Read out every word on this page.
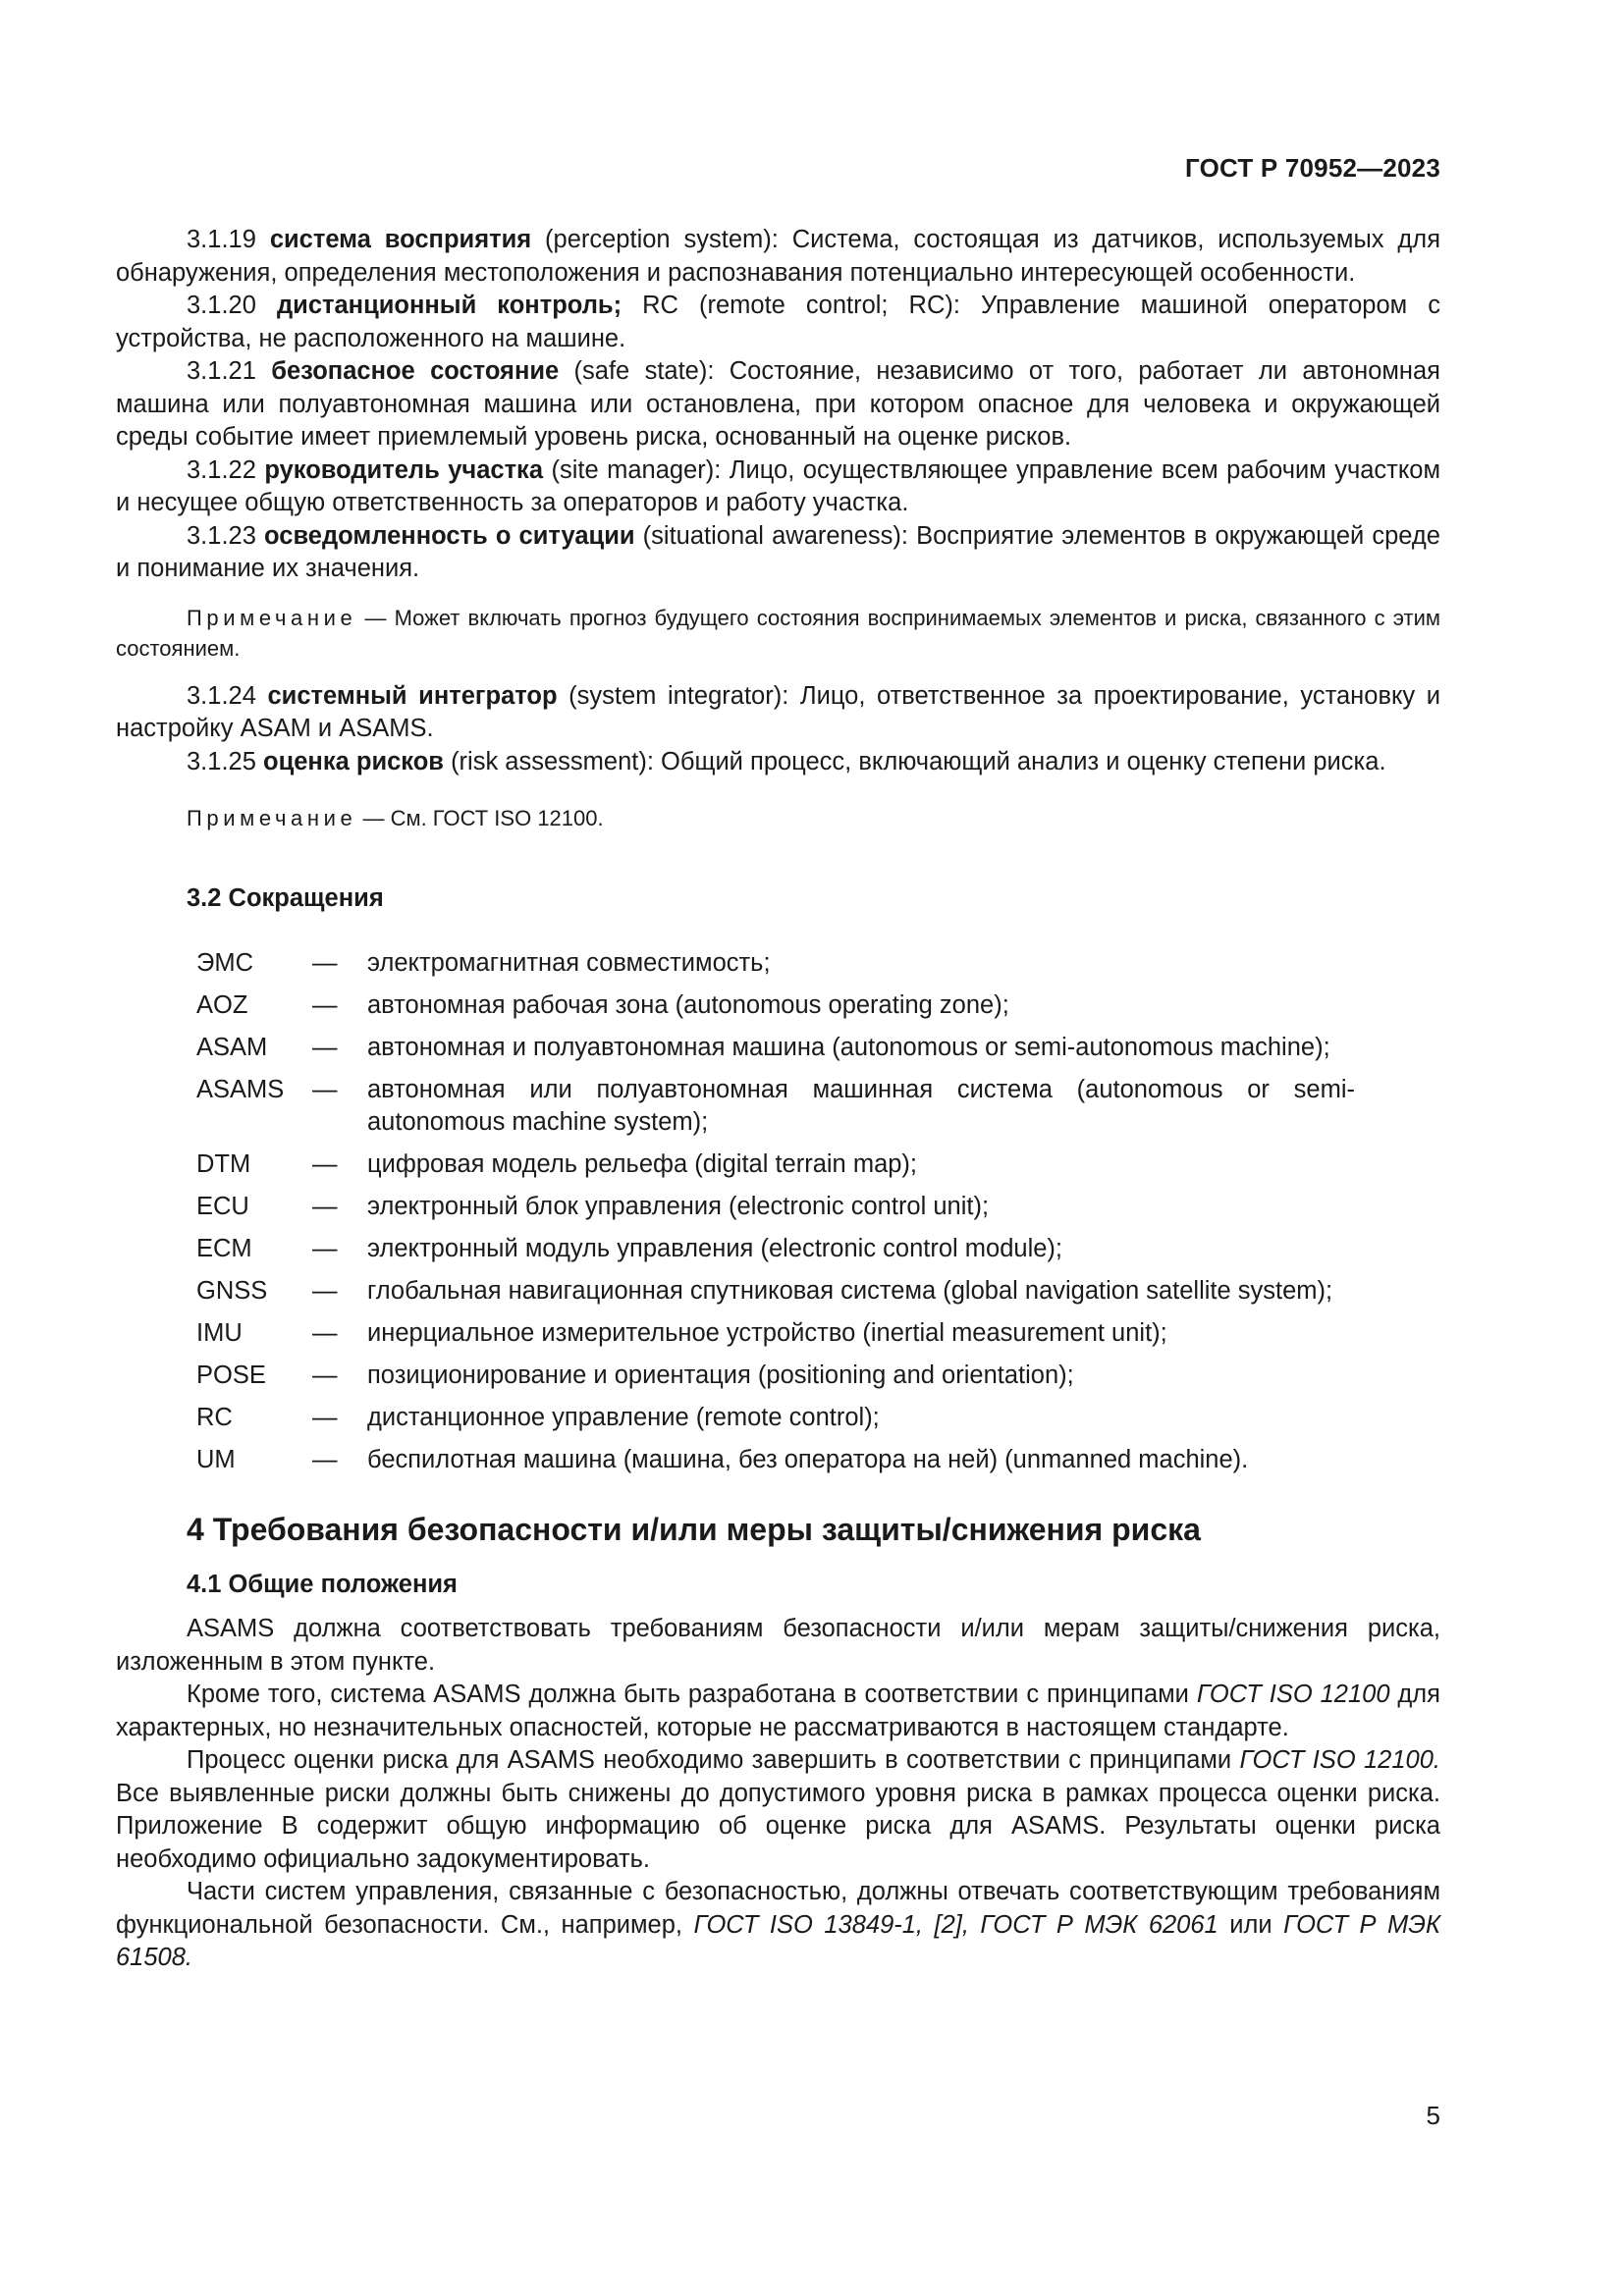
ГОСТ Р 70952—2023

3.1.19 система восприятия (perception system): Система, состоящая из датчиков, используемых для обнаружения, определения местоположения и распознавания потенциально интересующей особенности.

3.1.20 дистанционный контроль; RC (remote control; RC): Управление машиной оператором с устройства, не расположенного на машине.

3.1.21 безопасное состояние (safe state): Состояние, независимо от того, работает ли автономная машина или полуавтономная машина или остановлена, при котором опасное для человека и окружающей среды событие имеет приемлемый уровень риска, основанный на оценке рисков.

3.1.22 руководитель участка (site manager): Лицо, осуществляющее управление всем рабочим участком и несущее общую ответственность за операторов и работу участка.

3.1.23 осведомленность о ситуации (situational awareness): Восприятие элементов в окружающей среде и понимание их значения.

Примечание — Может включать прогноз будущего состояния воспринимаемых элементов и риска, связанного с этим состоянием.

3.1.24 системный интегратор (system integrator): Лицо, ответственное за проектирование, установку и настройку ASAM и ASAMS.

3.1.25 оценка рисков (risk assessment): Общий процесс, включающий анализ и оценку степени риска.

Примечание — См. ГОСТ ISO 12100.

3.2 Сокращения
ЭМС	—	электромагнитная совместимость;
AOZ	—	автономная рабочая зона (autonomous operating zone);
ASAM	—	автономная и полуавтономная машина (autonomous or semi-autonomous machine);
ASAMS	—	автономная или полуавтономная машинная система (autonomous or semi-autonomous machine system);
DTM	—	цифровая модель рельефа (digital terrain map);
ECU	—	электронный блок управления (electronic control unit);
ECM	—	электронный модуль управления (electronic control module);
GNSS	—	глобальная навигационная спутниковая система (global navigation satellite system);
IMU	—	инерциальное измерительное устройство (inertial measurement unit);
POSE	—	позиционирование и ориентация (positioning and orientation);
RC	—	дистанционное управление (remote control);
UM	—	беспилотная машина (машина, без оператора на ней) (unmanned machine).
4 Требования безопасности и/или меры защиты/снижения риска
4.1 Общие положения

ASAMS должна соответствовать требованиям безопасности и/или мерам защиты/снижения риска, изложенным в этом пункте.

Кроме того, система ASAMS должна быть разработана в соответствии с принципами ГОСТ ISO 12100 для характерных, но незначительных опасностей, которые не рассматриваются в настоящем стандарте.

Процесс оценки риска для ASAMS необходимо завершить в соответствии с принципами ГОСТ ISO 12100. Все выявленные риски должны быть снижены до допустимого уровня риска в рамках процесса оценки риска. Приложение В содержит общую информацию об оценке риска для ASAMS. Результаты оценки риска необходимо официально задокументировать.

Части систем управления, связанные с безопасностью, должны отвечать соответствующим требованиям функциональной безопасности. См., например, ГОСТ ISO 13849-1, [2], ГОСТ Р МЭК 62061 или ГОСТ Р МЭК 61508.

5
